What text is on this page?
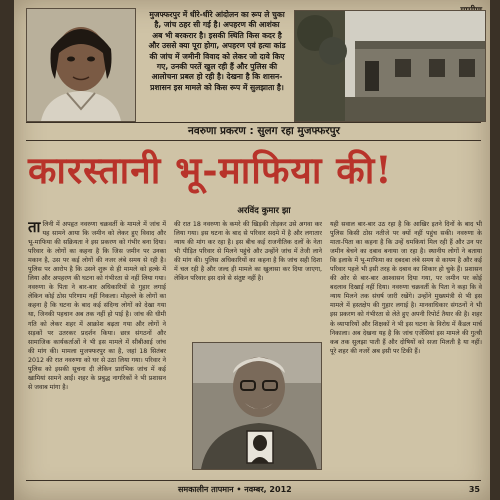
मुजफ्फरपुर में धीरे-धीरे आंदोलन का रूप ले चुका है, जांच ठहर सी गई है। अपहरण की आशंका अब भी बरकरार है। इसकी स्थिति किस कदर है और उससे क्या पूरा होगा, अपहरण एवं हत्या कांड की जांच में जमीनी विवाद को लेकर जो दावे किए गए, उनकी परतें खुल रही हैं और पुलिस की आलोचना प्रबल हो रही है। देखना है कि शासन-प्रशासन इस मामले को किस रूप में सुलझाता है।
नवरुणा प्रकरण : सुलग रहा मुजफ्फरपुर
कारस्तानी भू-माफिया की!
अरविंद कुमार झा
तालिनी में अपहृत नवरुणा चक्रवर्ती के मामले में जांच में यह सामने आया कि जमीन को लेकर हुए विवाद और भू-माफिया की सक्रियता ने इस प्रकरण को गंभीर बना दिया। परिवार के लोगों का कहना है कि जिस जमीन पर उनका मकान है, उस पर कई लोगों की नजर लंबे समय से रही है। पुलिस पर आरोप है कि उसने शुरू से ही मामले को हल्के में लिया और अपहरण की घटना को गंभीरता से नहीं लिया गया। नवरुणा के पिता ने बार-बार अधिकारियों से गुहार लगाई लेकिन कोई ठोस परिणाम नहीं निकला। मोहल्ले के लोगों का कहना है कि घटना के बाद कई संदिग्ध लोगों को देखा गया था, जिनकी पहचान अब तक नहीं हो पाई है। जांच की धीमी गति को लेकर शहर में आक्रोश बढ़ता गया और लोगों ने सड़कों पर उतरकर प्रदर्शन किया। छात्र संगठनों और सामाजिक कार्यकर्ताओं ने भी इस मामले में सीबीआई जांच की मांग की। मामला मुजफ्फरपुर का है, जहां 18 सितंबर 2012 की रात नवरुणा को घर से उठा लिया गया। परिवार ने पुलिस को इसकी सूचना दी लेकिन प्रारंभिक जांच में कई खामियां सामने आईं। शहर के प्रबुद्ध नागरिकों ने भी प्रशासन से जवाब मांगा है।
की रात 18 नवरुणा के कमरे की खिड़की तोड़कर उसे अगवा कर लिया गया। इस घटना के बाद से परिवार सदमे में है और लगातार न्याय की मांग कर रहा है। इस बीच कई राजनीतिक दलों के नेता भी पीड़ित परिवार से मिलने पहुंचे और उन्होंने जांच में तेजी लाने की मांग की। पुलिस अधिकारियों का कहना है कि जांच सही दिशा में चल रही है और जल्द ही मामले का खुलासा कर दिया जाएगा, लेकिन परिवार इस दावे से संतुष्ट नहीं है।
यही सवाल बार-बार उठ रहा है कि आखिर इतने दिनों के बाद भी पुलिस किसी ठोस नतीजे पर क्यों नहीं पहुंच सकी। नवरुणा के माता-पिता का कहना है कि उन्हें धमकियां मिल रही हैं और उन पर जमीन बेचने का दबाव बनाया जा रहा है। स्थानीय लोगों ने बताया कि इलाके में भू-माफिया का दबदबा लंबे समय से कायम है और कई परिवार पहले भी इसी तरह के दबाव का शिकार हो चुके हैं। प्रशासन की ओर से बार-बार आश्वासन दिया गया, पर जमीन पर कोई बदलाव दिखाई नहीं दिया। नवरुणा चक्रवर्ती के पिता ने कहा कि वे न्याय मिलने तक संघर्ष जारी रखेंगे। उन्होंने मुख्यमंत्री से भी इस मामले में हस्तक्षेप की गुहार लगाई है। मानवाधिकार संगठनों ने भी इस प्रकरण को गंभीरता से लेते हुए अपनी रिपोर्ट तैयार की है। शहर के व्यापारियों और शिक्षकों ने भी इस घटना के विरोध में कैंडल मार्च निकाला। अब देखना यह है कि जांच एजेंसियां इस मामले की गुत्थी कब तक सुलझा पाती हैं और दोषियों को सजा मिलती है या नहीं। पूरे शहर की नजरें अब इसी पर टिकी हैं।
समकालीन तापमान • नवम्बर, 2012	35
